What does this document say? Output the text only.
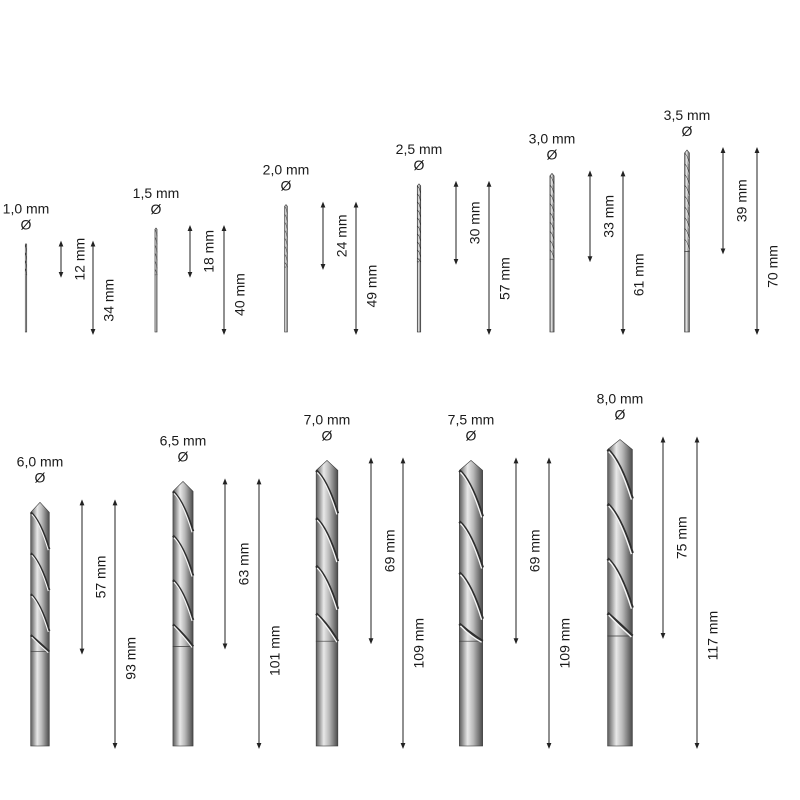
1,0 mm
Ø
12 mm
34 mm
1,5 mm
Ø
18 mm
40 mm
2,0 mm
Ø
24 mm
49 mm
2,5 mm
Ø
30 mm
57 mm
3,0 mm
Ø
33 mm
61 mm
3,5 mm
Ø
39 mm
70 mm
6,0 mm
Ø
57 mm
93 mm
6,5 mm
Ø
63 mm
101 mm
7,0 mm
Ø
69 mm
109 mm
7,5 mm
Ø
69 mm
109 mm
8,0 mm
Ø
75 mm
117 mm
